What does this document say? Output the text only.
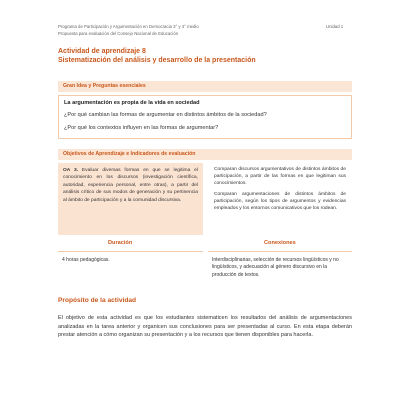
Programa de Participación y Argumentación en Democracia 3° y 4° medio
Propuesta para evaluación del Consejo Nacional de Educación
Unidad 1
Actividad de aprendizaje 8
Sistematización del análisis y desarrollo de la presentación
Gran Idea y Preguntas esenciales
La argumentación es propia de la vida en sociedad
¿Por qué cambian las formas de argumentar en distintos ámbitos de la sociedad?
¿Por qué los contextos influyen en las formas de argumentar?
Objetivos de Aprendizaje e Indicadores de evaluación
OA 3. Evaluar diversas formas en que se legitima el conocimiento en los discursos (investigación científica, autoridad, experiencia personal, entre otras), a partir del análisis crítico de sus modos de generación y su pertinencia al ámbito de participación y a la comunidad discursiva.

Comparan discursos argumentativos de distintos ámbitos de participación, a partir de las formas en que legitiman sus conocimientos.

Comparan argumentaciones de distintos ámbitos de participación, según los tipos de argumentos y evidencias empleados y los entornos comunicativos que los rodean.

Duración	Conexiones
4 horas pedagógicas.	Interdisciplinarias, selección de recursos lingüísticos y no lingüísticos, y adecuación al género discursivo en la producción de textos.
Propósito de la actividad
El objetivo de esta actividad es que los estudiantes sistematicen los resultados del análisis de argumentaciones analizadas en la tarea anterior y organicen sus conclusiones para ser presentadas al curso. En esta etapa deberán prestar atención a cómo organizan su presentación y a los recursos que tienen disponibles para hacerla.
